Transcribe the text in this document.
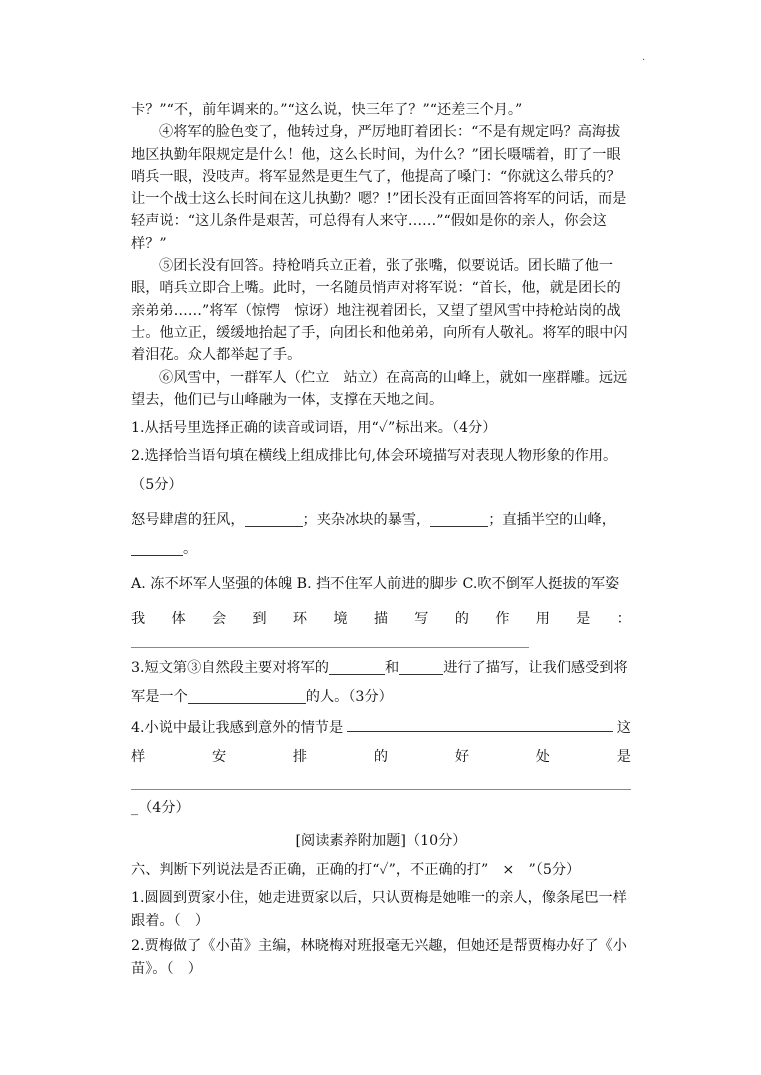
·

卡？”“不，前年调来的。”“这么说，快三年了？”“还差三个月。”

④将军的脸色变了，他转过身，严厉地盯着团长：“不是有规定吗？高海拔地区执勤年限规定是什么！他，这么长时间，为什么？”团长嗫嚅着，盯了一眼哨兵一眼，没吱声。将军显然是更生气了，他提高了嗓门：“你就这么带兵的？让一个战士这么长时间在这儿执勤？嗯？!”团长没有正面回答将军的问话，而是轻声说：“这儿条件是艰苦，可总得有人来守……”“假如是你的亲人，你会这样？”

⑤团长没有回答。持枪哨兵立正着，张了张嘴，似要说话。团长瞄了他一眼，哨兵立即合上嘴。此时，一名随员悄声对将军说：“首长，他，就是团长的亲弟弟……”将军（惊愕　惊讶）地注视着团长，又望了望风雪中持枪站岗的战士。他立正，缓缓地抬起了手，向团长和他弟弟，向所有人敬礼。将军的眼中闪着泪花。众人都举起了手。

⑥风雪中，一群军人（伫立　站立）在高高的山峰上，就如一座群雕。远远望去，他们已与山峰融为一体，支撑在天地之间。

1.从括号里选择正确的读音或词语，用“✓”标出来。（4分）

2.选择恰当语句填在横线上组成排比句,体会环境描写对表现人物形象的作用。（5分）

怒号肆虐的狂风，	；夹杂冰块的暴雪，	；直插半空的山峰，
。

A. 冻不坏军人坚强的体魄 B. 挡不住军人前进的脚步 C.吹不倒军人挺拔的军姿

我 体 会 到 环 境 描 写 的 作 用 是 ：

3.短文第③自然段主要对将军的	和	进行了描写，让我们感受到将军是一个	的人。（3分）

4.小说中最让我感到意外的情节是	这

样	安	排	的	好	处	是

_（4分）

[阅读素养附加题]（10分）

六、判断下列说法是否正确，正确的打“✓”，不正确的打”　×　”（5分）

1.圆圆到贾家小住，她走进贾家以后，只认贾梅是她唯一的亲人，像条尾巴一样跟着。（　）

2.贾梅做了《小苗》主编，林晓梅对班报毫无兴趣，但她还是帮贾梅办好了《小苗》。（　）
